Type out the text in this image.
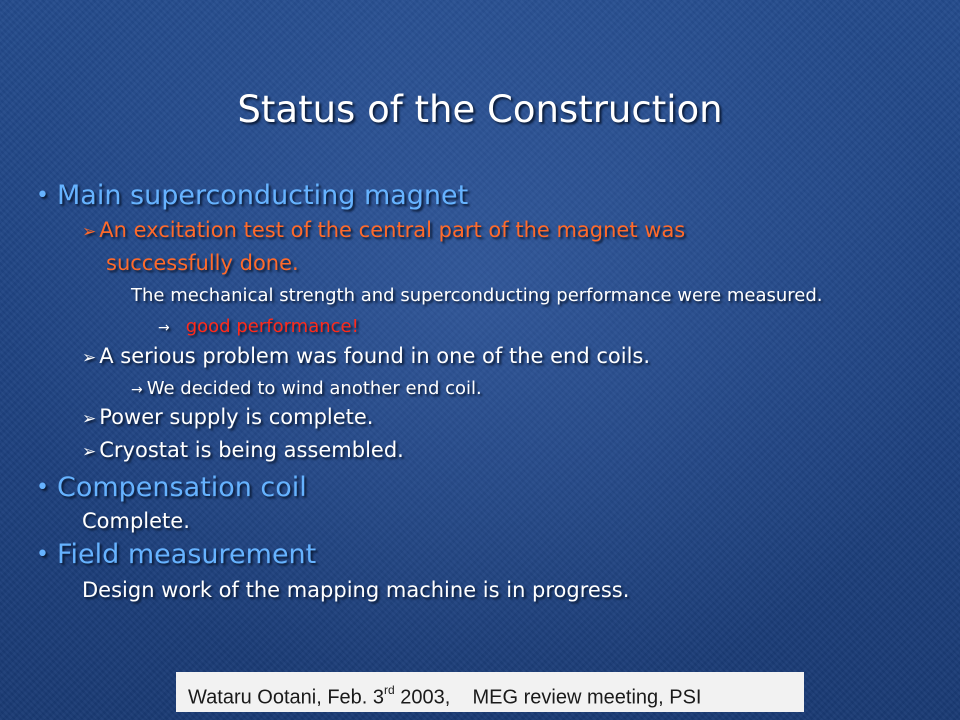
Status of the Construction
• Main superconducting magnet
➢ An excitation test of the central part of the magnet was
successfully done.
The mechanical strength and superconducting performance were measured.
→ good performance!
➢ A serious problem was found in one of the end coils.
→ We decided to wind another end coil.
➢ Power supply is complete.
➢ Cryostat is being assembled.
• Compensation coil
Complete.
• Field measurement
Design work of the mapping machine is in progress.
Wataru Ootani, Feb. 3rd 2003,    MEG review meeting, PSI
